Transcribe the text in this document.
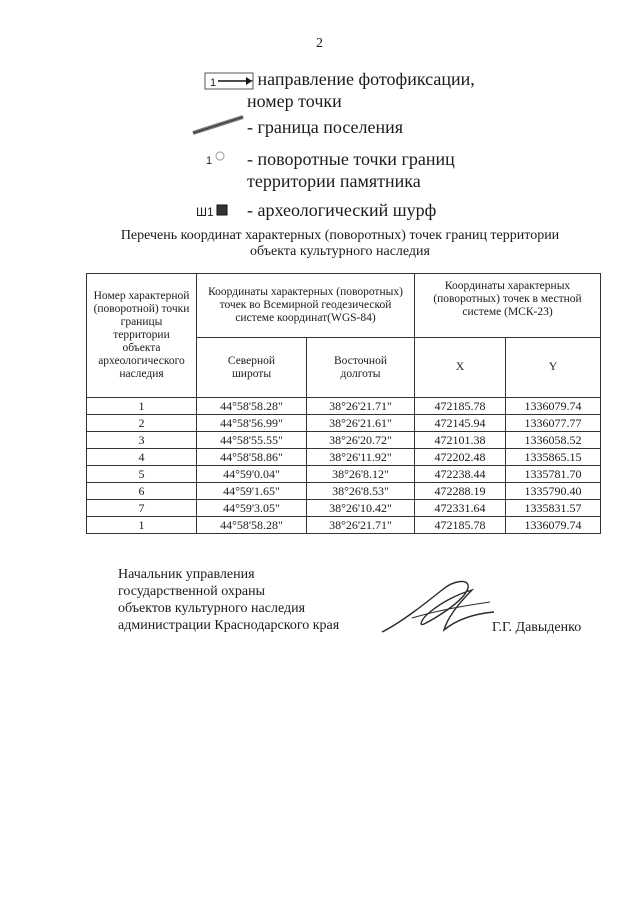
2
1 - направление фотофиксации,
номер точки
- граница поселения
1 - поворотные точки границ
территории памятника
Ш1 - археологический шурф
Перечень координат характерных (поворотных) точек границ территории
объекта культурного наследия
Номер характерной (поворотной) точки границы территории объекта археологического наследия	Координаты характерных (поворотных) точек во Всемирной геодезической системе координат(WGS-84)		Координаты характерных (поворотных) точек в местной системе (МСК-23)	
	Северной широты	Восточной долготы	X	Y
1	44°58'58.28"	38°26'21.71"	472185.78	1336079.74
2	44°58'56.99"	38°26'21.61"	472145.94	1336077.77
3	44°58'55.55"	38°26'20.72"	472101.38	1336058.52
4	44°58'58.86"	38°26'11.92"	472202.48	1335865.15
5	44°59'0.04"	38°26'8.12"	472238.44	1335781.70
6	44°59'1.65"	38°26'8.53"	472288.19	1335790.40
7	44°59'3.05"	38°26'10.42"	472331.64	1335831.57
1	44°58'58.28"	38°26'21.71"	472185.78	1336079.74
Начальник управления
государственной охраны
объектов культурного наследия
администрации Краснодарского края	Г.Г. Давыденко
